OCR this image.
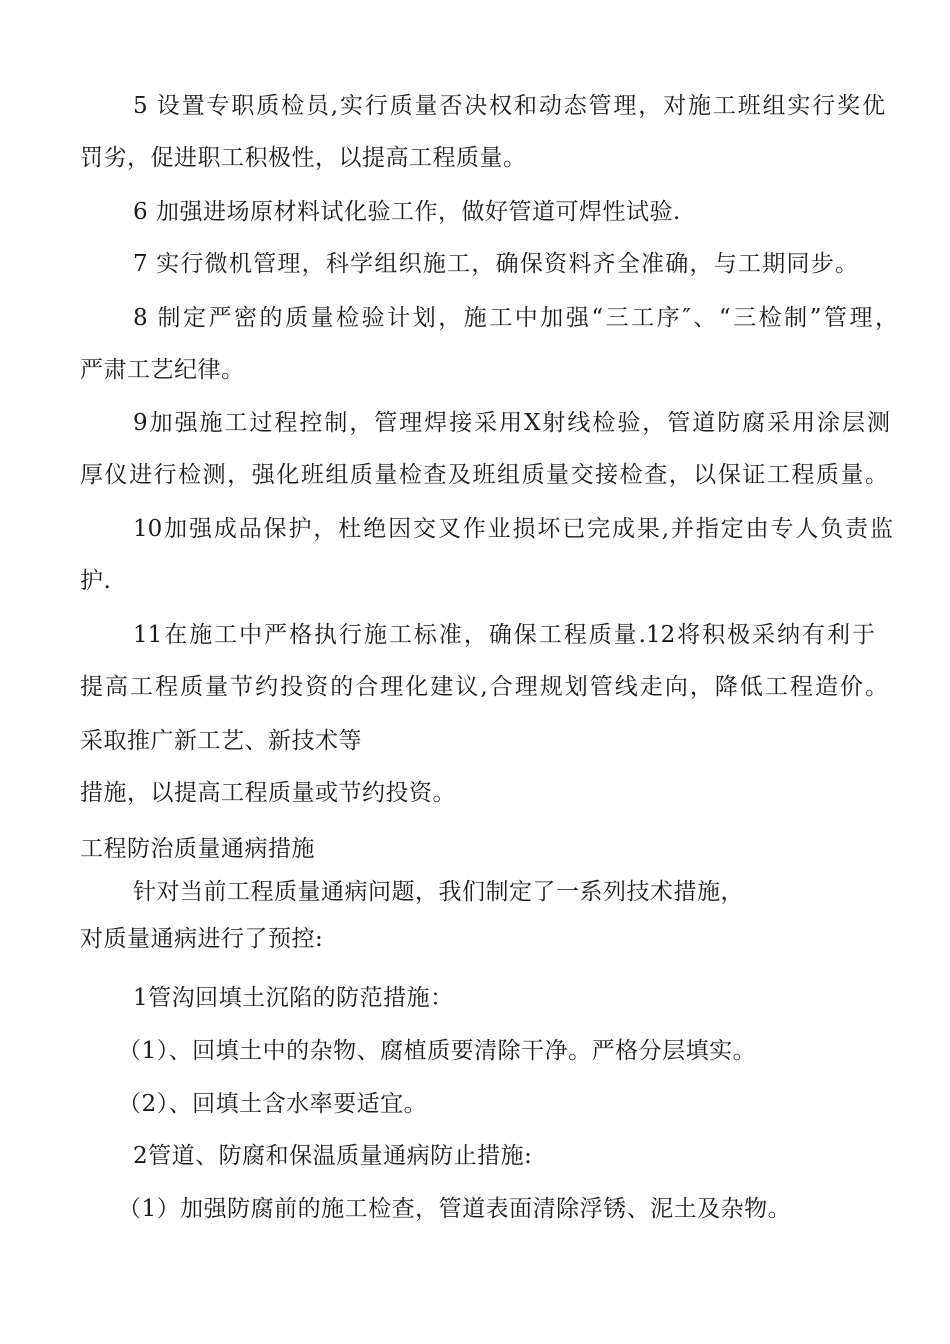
5 设置专职质检员,实行质量否决权和动态管理，对施工班组实行奖优
罚劣，促进职工积极性，以提高工程质量。
6 加强进场原材料试化验工作，做好管道可焊性试验.
7 实行微机管理，科学组织施工，确保资料齐全准确，与工期同步。
8 制定严密的质量检验计划，施工中加强“三工序″、“三检制”管理，
严肃工艺纪律。
9加强施工过程控制，管理焊接采用X射线检验，管道防腐采用涂层测
厚仪进行检测，强化班组质量检查及班组质量交接检查，以保证工程质量。
10加强成品保护，杜绝因交叉作业损坏已完成果,并指定由专人负责监
护.
11在施工中严格执行施工标准，确保工程质量.12将积极采纳有利于
提高工程质量节约投资的合理化建议,合理规划管线走向，降低工程造价。
采取推广新工艺、新技术等
措施，以提高工程质量或节约投资。
工程防治质量通病措施
针对当前工程质量通病问题，我们制定了一系列技术措施，
对质量通病进行了预控:
1管沟回填土沉陷的防范措施：
（1）、回填土中的杂物、腐植质要清除干净。严格分层填实。
（2）、回填土含水率要适宜。
2管道、防腐和保温质量通病防止措施:
（1）加强防腐前的施工检查，管道表面清除浮锈、泥土及杂物。
